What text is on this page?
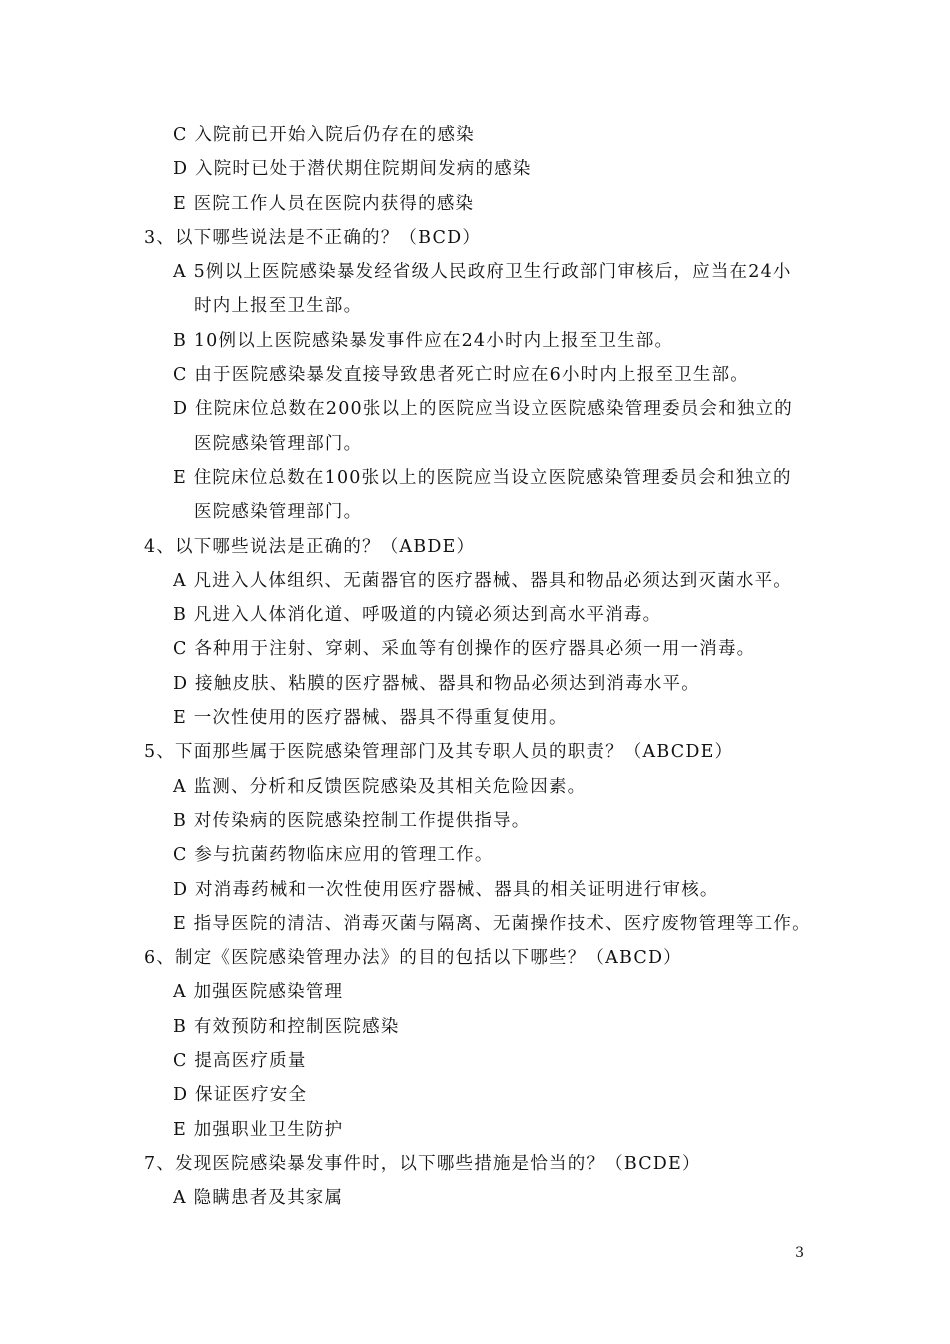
C 入院前已开始入院后仍存在的感染
D 入院时已处于潜伏期住院期间发病的感染
E 医院工作人员在医院内获得的感染
3、以下哪些说法是不正确的？（BCD）
A 5例以上医院感染暴发经省级人民政府卫生行政部门审核后，应当在24小
时内上报至卫生部。
B 10例以上医院感染暴发事件应在24小时内上报至卫生部。
C 由于医院感染暴发直接导致患者死亡时应在6小时内上报至卫生部。
D 住院床位总数在200张以上的医院应当设立医院感染管理委员会和独立的
医院感染管理部门。
E 住院床位总数在100张以上的医院应当设立医院感染管理委员会和独立的
医院感染管理部门。
4、以下哪些说法是正确的？（ABDE）
A 凡进入人体组织、无菌器官的医疗器械、器具和物品必须达到灭菌水平。
B 凡进入人体消化道、呼吸道的内镜必须达到高水平消毒。
C 各种用于注射、穿刺、采血等有创操作的医疗器具必须一用一消毒。
D 接触皮肤、粘膜的医疗器械、器具和物品必须达到消毒水平。
E 一次性使用的医疗器械、器具不得重复使用。
5、下面那些属于医院感染管理部门及其专职人员的职责？（ABCDE）
A 监测、分析和反馈医院感染及其相关危险因素。
B 对传染病的医院感染控制工作提供指导。
C 参与抗菌药物临床应用的管理工作。
D 对消毒药械和一次性使用医疗器械、器具的相关证明进行审核。
E 指导医院的清洁、消毒灭菌与隔离、无菌操作技术、医疗废物管理等工作。
6、制定《医院感染管理办法》的目的包括以下哪些？（ABCD）
A 加强医院感染管理
B 有效预防和控制医院感染
C 提高医疗质量
D 保证医疗安全
E 加强职业卫生防护
7、发现医院感染暴发事件时，以下哪些措施是恰当的？（BCDE）
A 隐瞒患者及其家属
3
